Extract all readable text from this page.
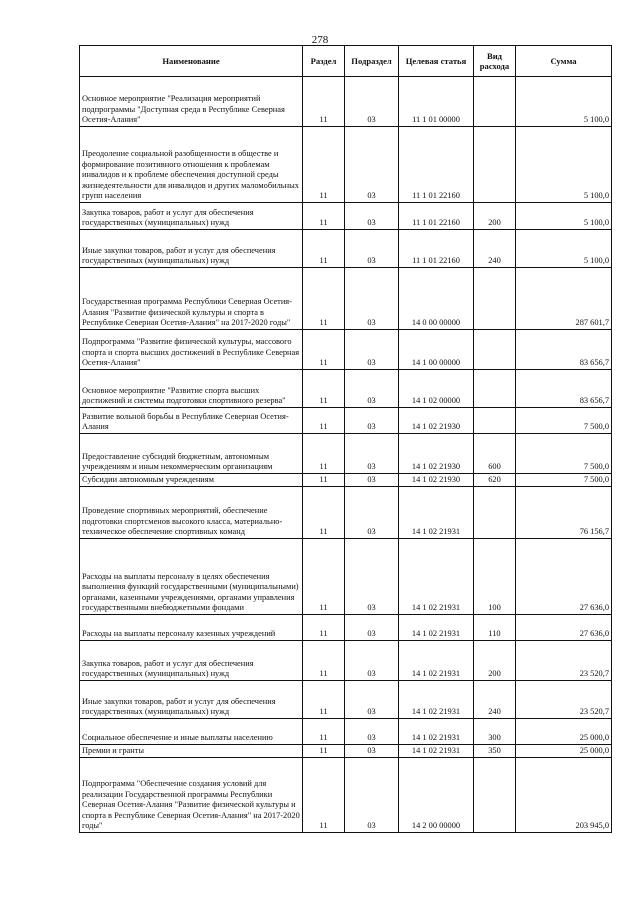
278
Наименование	Раздел	Подраздел	Целевая статья	Вид расхода	Сумма
Основное мероприятие "Реализация мероприятий подпрограммы "Доступная среда в Республике Северная Осетия-Алания"	11	03	11 1 01 00000		5 100,0
Преодоление социальной разобщенности в обществе и формирование позитивного отношения к проблемам инвалидов и к проблеме обеспечения доступной среды жизнедеятельности для инвалидов и других маломобильных групп населения	11	03	11 1 01 22160		5 100,0
Закупка товаров, работ и услуг для обеспечения государственных (муниципальных) нужд	11	03	11 1 01 22160	200	5 100,0
Иные закупки товаров, работ и услуг для обеспечения государственных (муниципальных) нужд	11	03	11 1 01 22160	240	5 100,0
Государственная программа Республики Северная Осетия-Алания "Развитие физической культуры и спорта в Республике Северная Осетия-Алания" на 2017-2020 годы"	11	03	14 0 00 00000		287 601,7
Подпрограмма "Развитие физической культуры, массового спорта и спорта высших достижений в Республике Северная Осетия-Алания"	11	03	14 1 00 00000		83 656,7
Основное мероприятие "Развитие спорта высших достижений и системы подготовки спортивного резерва"	11	03	14 1 02 00000		83 656,7
Развитие вольной борьбы в Республике Северная Осетия-Алания	11	03	14 1 02 21930		7 500,0
Предоставление субсидий бюджетным, автономным учреждениям и иным некоммерческим организациям	11	03	14 1 02 21930	600	7 500,0
Субсидии автономным учреждениям	11	03	14 1 02 21930	620	7 500,0
Проведение спортивных мероприятий, обеспечение подготовки спортсменов высокого класса, материально-техническое обеспечение спортивных команд	11	03	14 1 02 21931		76 156,7
Расходы на выплаты персоналу в целях обеспечения выполнения функций государственными (муниципальными) органами, казенными учреждениями, органами управления государственными внебюджетными фондами	11	03	14 1 02 21931	100	27 636,0
Расходы на выплаты персоналу казенных учреждений	11	03	14 1 02 21931	110	27 636,0
Закупка товаров, работ и услуг для обеспечения государственных (муниципальных) нужд	11	03	14 1 02 21931	200	23 520,7
Иные закупки товаров, работ и услуг для обеспечения государственных (муниципальных) нужд	11	03	14 1 02 21931	240	23 520,7
Социальное обеспечение и иные выплаты населению	11	03	14 1 02 21931	300	25 000,0
Премии и гранты	11	03	14 1 02 21931	350	25 000,0
Подпрограмма "Обеспечение создания условий для реализации Государственной программы Республики Северная Осетия-Алания "Развитие физической культуры и спорта в Республике Северная Осетия-Алания" на 2017-2020 годы"	11	03	14 2 00 00000		203 945,0
